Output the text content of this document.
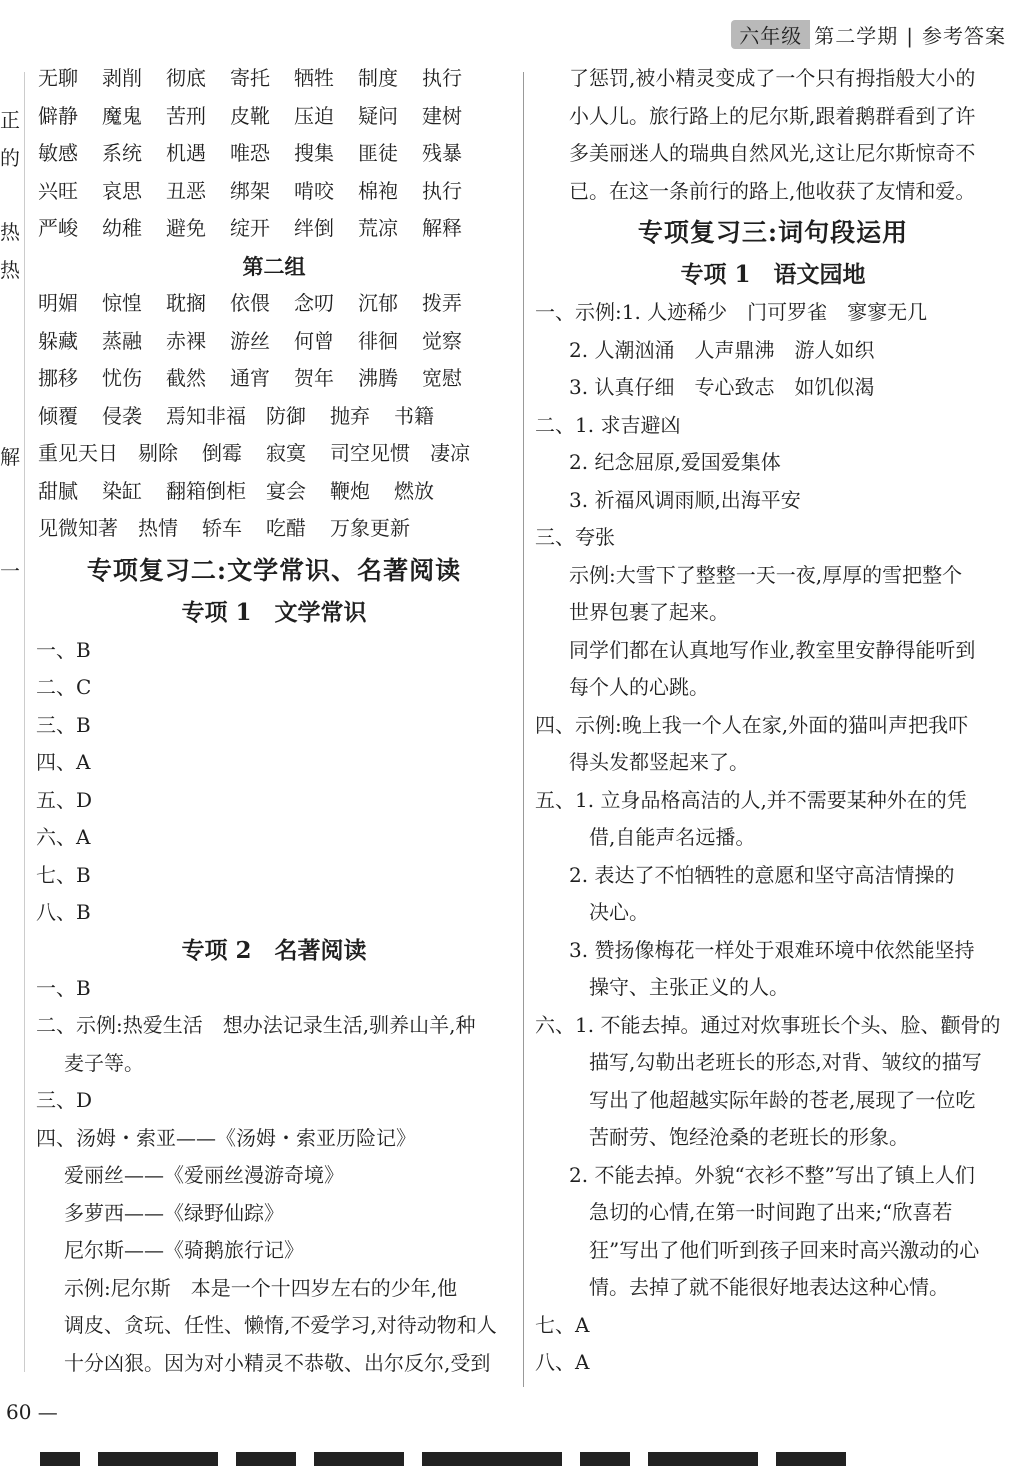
六年级 第二学期 | 参考答案
正
的
热
热
解
一
无聊	剥削	彻底	寄托	牺牲	制度	执行
僻静	魔鬼	苦刑	皮靴	压迫	疑问	建树
敏感	系统	机遇	唯恐	搜集	匪徒	残暴
兴旺	哀思	丑恶	绑架	啃咬	棉袍	执行
严峻	幼稚	避免	绽开	绊倒	荒凉	解释
第二组
明媚	惊惶	耽搁	依偎	念叨	沉郁	拨弄
躲藏	蒸融	赤裸	游丝	何曾	徘徊	觉察
挪移	忧伤	截然	通宵	贺年	沸腾	宽慰
倾覆	侵袭	焉知非福	防御	抛弃	书籍
重见天日	剔除	倒霉	寂寞	司空见惯	凄凉
甜腻	染缸	翻箱倒柜	宴会	鞭炮	燃放
见微知著	热情	轿车	吃醋	万象更新
专项复习二:文学常识、名著阅读
专项 1　文学常识
一、B
二、C
三、B
四、A
五、D
六、A
七、B
八、B
专项 2　名著阅读
一、B
二、示例:热爱生活　想办法记录生活,驯养山羊,种
麦子等。
三、D
四、汤姆・索亚——《汤姆・索亚历险记》
爱丽丝——《爱丽丝漫游奇境》
多萝西——《绿野仙踪》
尼尔斯——《骑鹅旅行记》
示例:尼尔斯　本是一个十四岁左右的少年,他
调皮、贪玩、任性、懒惰,不爱学习,对待动物和人
十分凶狠。因为对小精灵不恭敬、出尔反尔,受到
了惩罚,被小精灵变成了一个只有拇指般大小的
小人儿。旅行路上的尼尔斯,跟着鹅群看到了许
多美丽迷人的瑞典自然风光,这让尼尔斯惊奇不
已。在这一条前行的路上,他收获了友情和爱。
专项复习三:词句段运用
专项 1　语文园地
一、示例:1. 人迹稀少　门可罗雀　寥寥无几
2. 人潮汹涌　人声鼎沸　游人如织
3. 认真仔细　专心致志　如饥似渴
二、1. 求吉避凶
2. 纪念屈原,爱国爱集体
3. 祈福风调雨顺,出海平安
三、夸张
示例:大雪下了整整一天一夜,厚厚的雪把整个
世界包裹了起来。
同学们都在认真地写作业,教室里安静得能听到
每个人的心跳。
四、示例:晚上我一个人在家,外面的猫叫声把我吓
得头发都竖起来了。
五、1. 立身品格高洁的人,并不需要某种外在的凭
借,自能声名远播。
2. 表达了不怕牺牲的意愿和坚守高洁情操的
决心。
3. 赞扬像梅花一样处于艰难环境中依然能坚持
操守、主张正义的人。
六、1. 不能去掉。通过对炊事班长个头、脸、颧骨的
描写,勾勒出老班长的形态,对背、皱纹的描写
写出了他超越实际年龄的苍老,展现了一位吃
苦耐劳、饱经沧桑的老班长的形象。
2. 不能去掉。外貌“衣衫不整”写出了镇上人们
急切的心情,在第一时间跑了出来;“欣喜若
狂”写出了他们听到孩子回来时高兴激动的心
情。去掉了就不能很好地表达这种心情。
七、A
八、A
60 —
